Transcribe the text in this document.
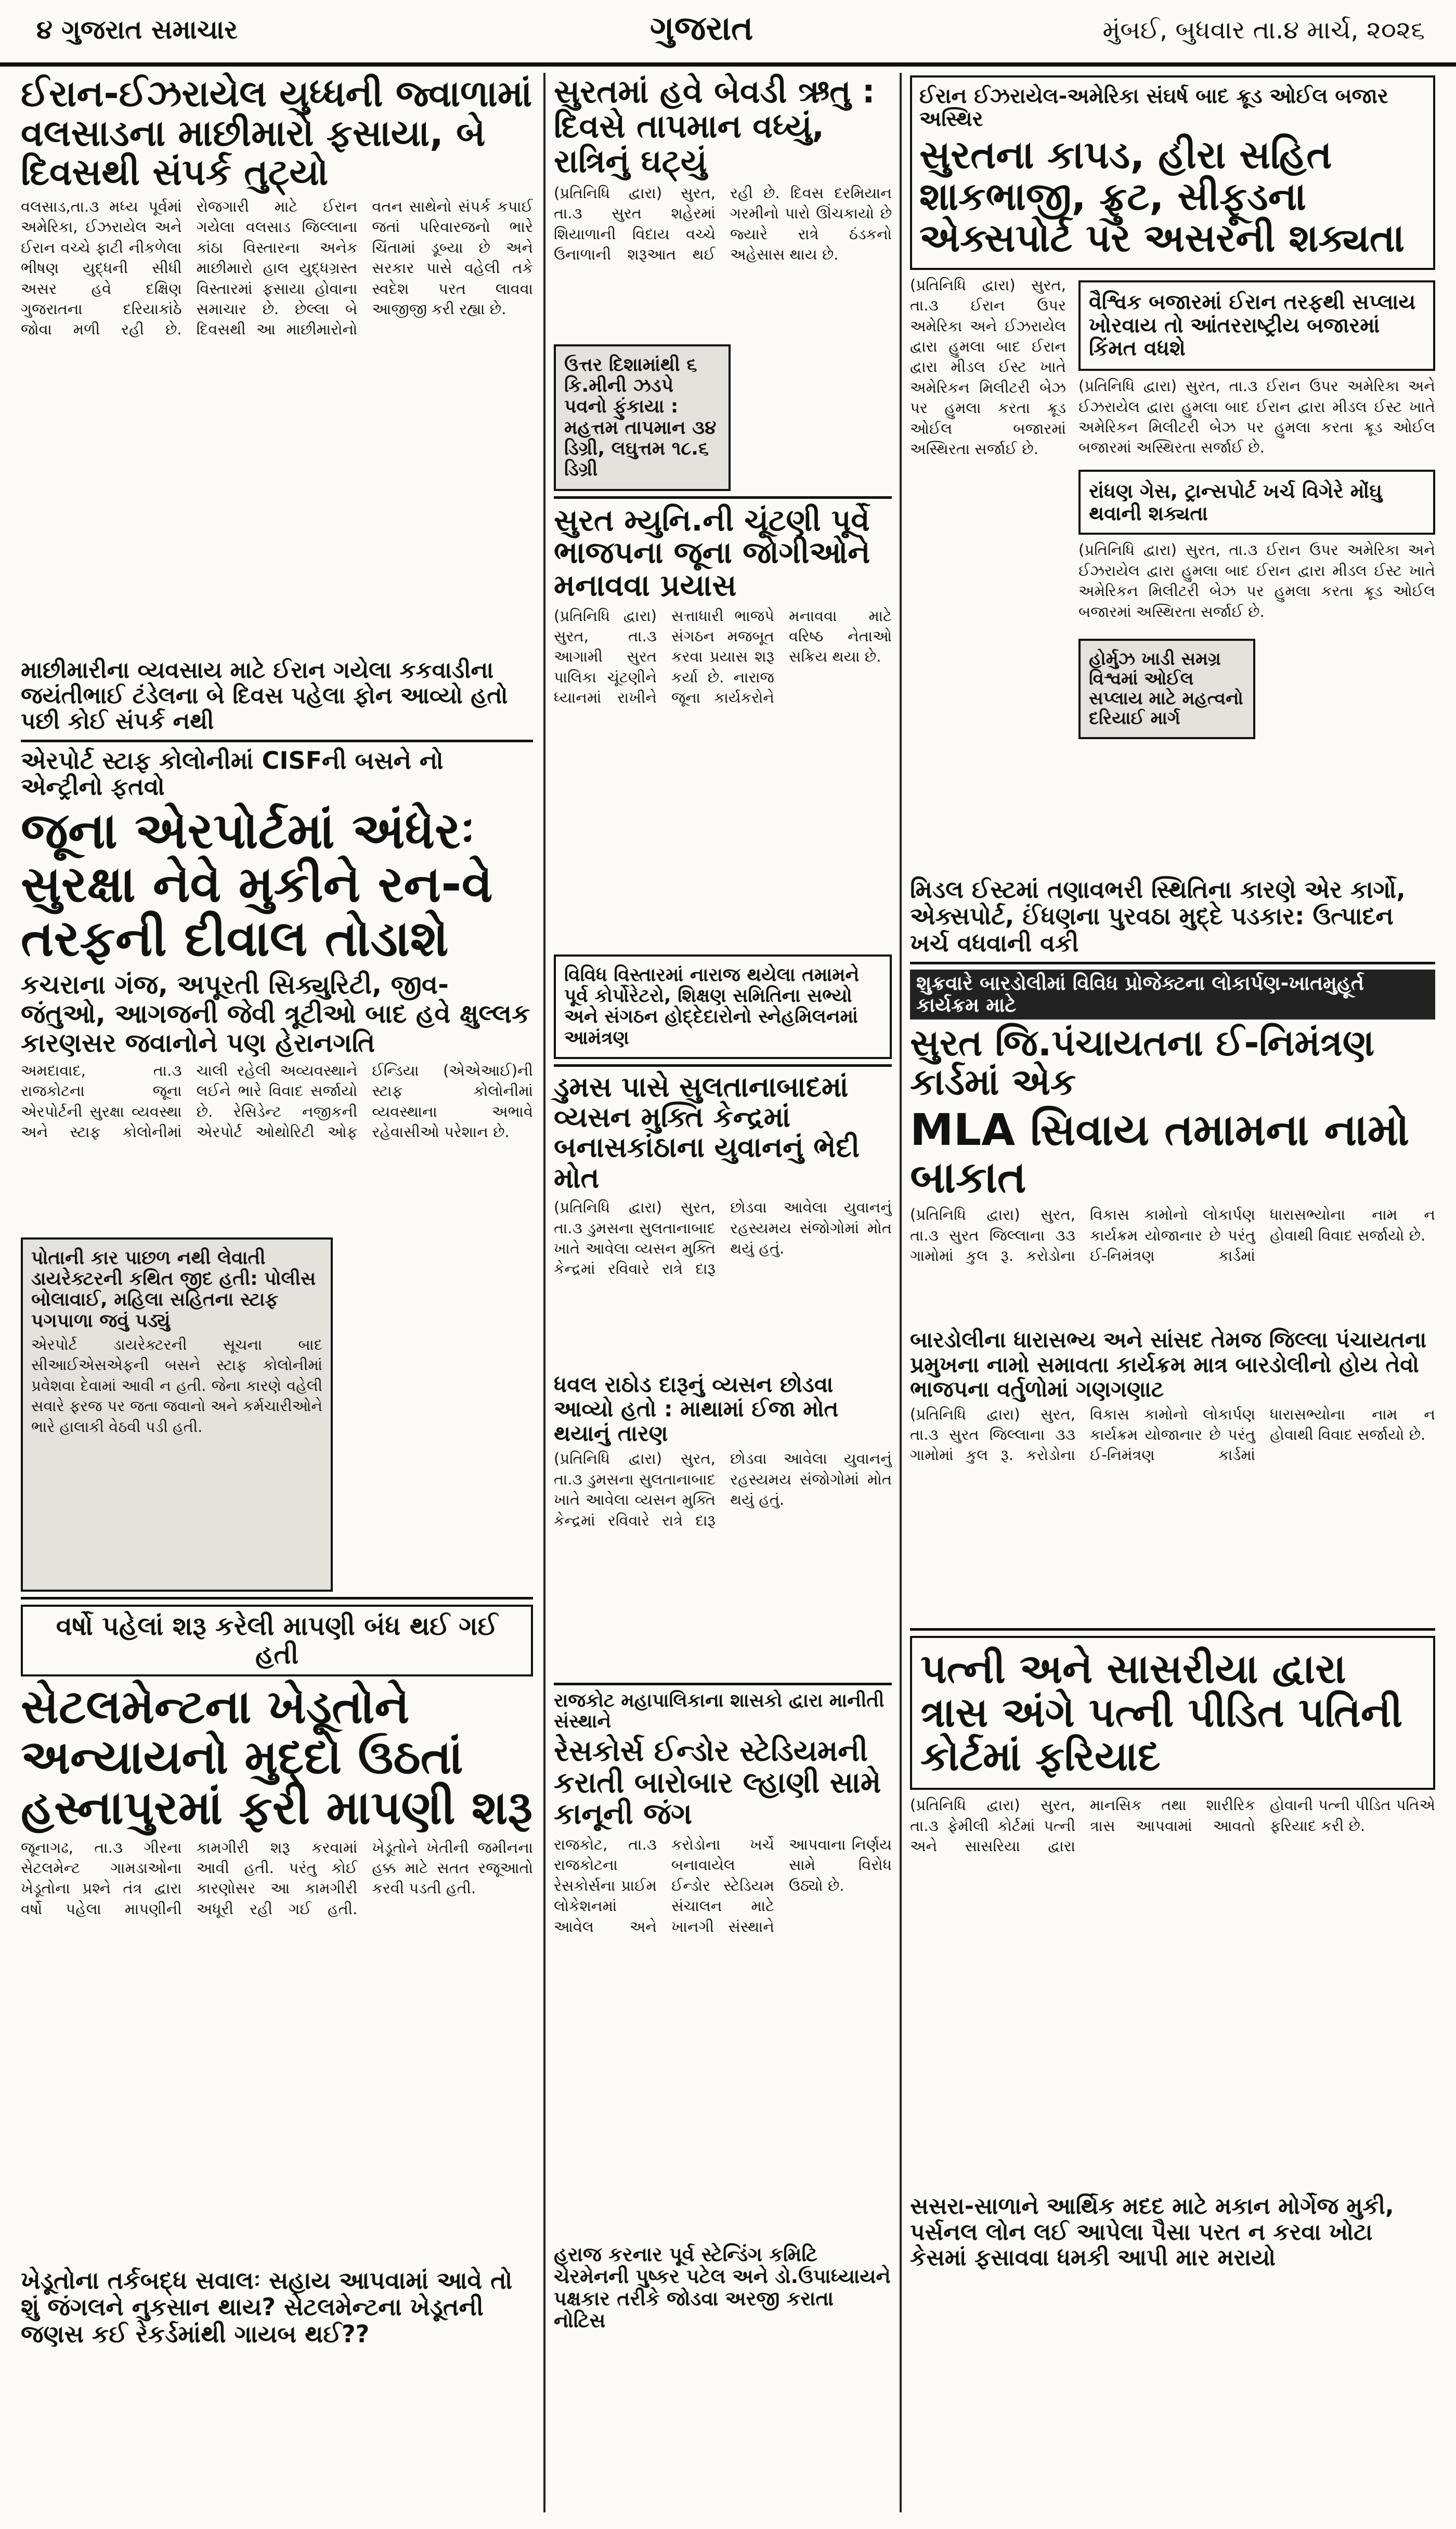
૪ ગુજરાત સમાચાર	ગુજરાત	મુંબઈ, બુધવાર તા.૪ માર્ચ, ૨૦૨૬
ઈરાન-ઈઝરાયેલ યુધ્ધની જ્વાળામાં વલસાડના માછીમારો ફસાયા, બે દિવસથી સંપર્ક તુટ્યો

વલસાડ,તા.૩ મધ્ય પૂર્વમાં અમેરિકા, ઈઝરાયેલ અને ઈરાન વચ્ચે ફાટી નીકળેલા ભીષણ યુદ્ધની સીધી અસર હવે દક્ષિણ ગુજરાતના દરિયાકાંઠે જોવા મળી રહી છે. રોજગારી માટે ઈરાન ગયેલા વલસાડ જિલ્લાના કાંઠા વિસ્તારના અનેક માછીમારો હાલ યુદ્ધગ્રસ્ત વિસ્તારમાં ફસાયા હોવાના સમાચાર છે. છેલ્લા બે દિવસથી આ માછીમારોનો વતન સાથેનો સંપર્ક કપાઈ જતાં પરિવારજનો ભારે ચિંતામાં ડૂબ્યા છે અને સરકાર પાસે વહેલી તકે સ્વદેશ પરત લાવવા આજીજી કરી રહ્યા છે.

માછીમારીના વ્યવસાય માટે ઈરાન ગયેલા કકવાડીના જયંતીભાઈ ટંડેલના બે દિવસ પહેલા ફોન આવ્યો હતો પછી કોઈ સંપર્ક નથી
એરપોર્ટ સ્ટાફ કોલોનીમાં CISFની બસને નો એન્ટ્રીનો ફતવો
જૂના એરપોર્ટમાં અંધેરઃ સુરક્ષા નેવે મુકીને રન-વે તરફની દીવાલ તોડાશે
કચરાના ગંજ, અપૂરતી સિક્યુરિટી, જીવ-જંતુઓ, આગજની જેવી ત્રૂટીઓ બાદ હવે ક્ષુલ્લક કારણસર જવાનોને પણ હેરાનગતિ

અમદાવાદ, તા.૩ રાજકોટના જૂના એરપોર્ટની સુરક્ષા વ્યવસ્થા અને સ્ટાફ કોલોનીમાં ચાલી રહેલી અવ્યવસ્થાને લઈને ભારે વિવાદ સર્જાયો છે. રેસિડેન્ટ નજીકની એરપોર્ટ ઓથોરિટી ઓફ ઈન્ડિયા (એએઆઈ)ની સ્ટાફ કોલોનીમાં વ્યવસ્થાના અભાવે રહેવાસીઓ પરેશાન છે.

પોતાની કાર પાછળ નથી લેવાતી ડાયરેક્ટરની કથિત જીદ હતી: પોલીસ બોલાવાઈ, મહિલા સહિતના સ્ટાફ પગપાળા જવું પડ્યું

એરપોર્ટ ડાયરેક્ટરની સૂચના બાદ સીઆઈએસએફની બસને સ્ટાફ કોલોનીમાં પ્રવેશવા દેવામાં આવી ન હતી. જેના કારણે વહેલી સવારે ફરજ પર જતા જવાનો અને કર્મચારીઓને ભારે હાલાકી વેઠવી પડી હતી.

વર્ષો પહેલાં શરૂ કરેલી માપણી બંધ થઈ ગઈ હતી
સેટલમેન્ટના ખેડૂતોને અન્યાયનો મુદ્દો ઉઠતાં હસ્નાપુરમાં ફરી માપણી શરૂ

જૂનાગઢ, તા.૩ ગીરના સેટલમેન્ટ ગામડાઓના ખેડૂતોના પ્રશ્ને તંત્ર દ્વારા વર્ષો પહેલા માપણીની કામગીરી શરૂ કરવામાં આવી હતી. પરંતુ કોઈ કારણોસર આ કામગીરી અધૂરી રહી ગઈ હતી. ખેડૂતોને ખેતીની જમીનના હક્ક માટે સતત રજૂઆતો કરવી પડતી હતી.

ખેડૂતોના તર્કબદ્ધ સવાલઃ સહાય આપવામાં આવે તો શું જંગલને નુકસાન થાય? સેટલમેન્ટના ખેડૂતની જણસ કઈ રેકર્ડમાંથી ગાયબ થઈ??
સુરતમાં હવે બેવડી ઋતુ : દિવસે તાપમાન વધ્યું, રાત્રિનું ઘટ્યું

(પ્રતિનિધિ દ્વારા) સુરત, તા.૩ સુરત શહેરમાં શિયાળાની વિદાય વચ્ચે ઉનાળાની શરૂઆત થઈ રહી છે. દિવસ દરમિયાન ગરમીનો પારો ઊંચકાયો છે જ્યારે રાત્રે ઠંડકનો અહેસાસ થાય છે.

ઉત્તર દિશામાંથી ૬ કિ.મીની ઝડપે પવનો ફુંકાયા : મહત્તમ તાપમાન ૩૪ ડિગ્રી, લઘુત્તમ ૧૮.૬ ડિગ્રી
સુરત મ્યુનિ.ની ચૂંટણી પૂર્વે ભાજપના જૂના જોગીઓને મનાવવા પ્રયાસ

(પ્રતિનિધિ દ્વારા) સુરત, તા.૩ આગામી સુરત પાલિકા ચૂંટણીને ધ્યાનમાં રાખીને સત્તાધારી ભાજપે સંગઠન મજબૂત કરવા પ્રયાસ શરૂ કર્યા છે. નારાજ જૂના કાર્યકરોને મનાવવા માટે વરિષ્ઠ નેતાઓ સક્રિય થયા છે.

વિવિધ વિસ્તારમાં નારાજ થયેલા તમામને પૂર્વ કોર્પોરેટરો, શિક્ષણ સમિતિના સભ્યો અને સંગઠન હોદ્દેદારોનો સ્નેહમિલનમાં આમંત્રણ
ડુમસ પાસે સુલતાનાબાદમાં વ્યસન મુક્તિ કેન્દ્રમાં બનાસકાંઠાના યુવાનનું ભેદી મોત

(પ્રતિનિધિ દ્વારા) સુરત, તા.૩ ડુમસના સુલતાનાબાદ ખાતે આવેલા વ્યસન મુક્તિ કેન્દ્રમાં રવિવારે રાત્રે દારૂ છોડવા આવેલા યુવાનનું રહસ્યમય સંજોગોમાં મોત થયું હતું.

ધવલ રાઠોડ દારૂનું વ્યસન છોડવા આવ્યો હતો : માથામાં ઈજા મોત થયાનું તારણ

(પ્રતિનિધિ દ્વારા) સુરત, તા.૩ ડુમસના સુલતાનાબાદ ખાતે આવેલા વ્યસન મુક્તિ કેન્દ્રમાં રવિવારે રાત્રે દારૂ છોડવા આવેલા યુવાનનું રહસ્યમય સંજોગોમાં મોત થયું હતું.

રાજકોટ મહાપાલિકાના શાસકો દ્વારા માનીતી સંસ્થાને
રેસકોર્સ ઈન્ડોર સ્ટેડિયમની કરાતી બારોબાર લ્હાણી સામે કાનૂની જંગ

રાજકોટ, તા.૩ રાજકોટના રેસકોર્સના પ્રાઈમ લોકેશનમાં આવેલ અને કરોડોના ખર્ચે બનાવાયેલ ઈન્ડોર સ્ટેડિયમ સંચાલન માટે ખાનગી સંસ્થાને આપવાના નિર્ણય સામે વિરોધ ઉઠ્યો છે.

હરાજ કરનાર પૂર્વ સ્ટેન્ડિંગ કમિટિ ચેરમેનની પુષ્કર પટેલ અને ડો.ઉપાધ્યાયને પક્ષકાર તરીકે જોડવા અરજી કરાતા નોટિસ
ઈરાન ઈઝરાયેલ-અમેરિકા સંઘર્ષ બાદ ક્રૂડ ઓઈલ બજાર અસ્થિર
સુરતના કાપડ, હીરા સહિત શાકભાજી, ફ્રુટ, સીફૂડના એક્સપોર્ટ પર અસરની શક્યતા

(પ્રતિનિધિ દ્વારા) સુરત, તા.૩ ઈરાન ઉપર અમેરિકા અને ઈઝરાયેલ દ્વારા હુમલા બાદ ઈરાન દ્વારા મીડલ ઈસ્ટ ખાતે અમેરિકન મિલીટરી બેઝ પર હુમલા કરતા ક્રૂડ ઓઈલ બજારમાં અસ્થિરતા સર્જાઈ છે.

વૈશ્વિક બજારમાં ઈરાન તરફથી સપ્લાય ખોરવાય તો આંતરરાષ્ટ્રીય બજારમાં કિંમત વધશે

(પ્રતિનિધિ દ્વારા) સુરત, તા.૩ ઈરાન ઉપર અમેરિકા અને ઈઝરાયેલ દ્વારા હુમલા બાદ ઈરાન દ્વારા મીડલ ઈસ્ટ ખાતે અમેરિકન મિલીટરી બેઝ પર હુમલા કરતા ક્રૂડ ઓઈલ બજારમાં અસ્થિરતા સર્જાઈ છે.

રાંધણ ગેસ, ટ્રાન્સપોર્ટ ખર્ચ વિગેરે મોંઘુ થવાની શક્યતા

(પ્રતિનિધિ દ્વારા) સુરત, તા.૩ ઈરાન ઉપર અમેરિકા અને ઈઝરાયેલ દ્વારા હુમલા બાદ ઈરાન દ્વારા મીડલ ઈસ્ટ ખાતે અમેરિકન મિલીટરી બેઝ પર હુમલા કરતા ક્રૂડ ઓઈલ બજારમાં અસ્થિરતા સર્જાઈ છે.

હોર્મુઝ ખાડી સમગ્ર વિશ્વમાં ઓઈલ સપ્લાય માટે મહત્વનો દરિયાઈ માર્ગ
મિડલ ઈસ્ટમાં તણાવભરી સ્થિતિના કારણે એર કાર્ગો, એક્સપોર્ટ, ઈંધણના પુરવઠા મુદ્દે પડકાર: ઉત્પાદન ખર્ચ વધવાની વકી
શુક્રવારે બારડોલીમાં વિવિધ પ્રોજેક્ટના લોકાર્પણ-ખાતમુહૂર્ત કાર્યક્રમ માટે
સુરત જિ.પંચાયતના ઈ-નિમંત્રણ કાર્ડમાં એક
MLA સિવાય તમામના નામો બાકાત

(પ્રતિનિધિ દ્વારા) સુરત, તા.૩ સુરત જિલ્લાના ૩૩ ગામોમાં કુલ રૂ. કરોડોના વિકાસ કામોનો લોકાર્પણ કાર્યક્રમ યોજાનાર છે પરંતુ ઈ-નિમંત્રણ કાર્ડમાં ધારાસભ્યોના નામ ન હોવાથી વિવાદ સર્જાયો છે.

બારડોલીના ધારાસભ્ય અને સાંસદ તેમજ જિલ્લા પંચાયતના પ્રમુખના નામો સમાવતા કાર્યક્રમ માત્ર બારડોલીનો હોય તેવો ભાજપના વર્તુળોમાં ગણગણાટ

(પ્રતિનિધિ દ્વારા) સુરત, તા.૩ સુરત જિલ્લાના ૩૩ ગામોમાં કુલ રૂ. કરોડોના વિકાસ કામોનો લોકાર્પણ કાર્યક્રમ યોજાનાર છે પરંતુ ઈ-નિમંત્રણ કાર્ડમાં ધારાસભ્યોના નામ ન હોવાથી વિવાદ સર્જાયો છે.

પત્ની અને સાસરીયા દ્વારા ત્રાસ અંગે પત્ની પીડિત પતિની કોર્ટમાં ફરિયાદ

(પ્રતિનિધિ દ્વારા) સુરત, તા.૩ ફેમીલી કોર્ટમાં પત્ની અને સાસરિયા દ્વારા માનસિક તથા શારીરિક ત્રાસ આપવામાં આવતો હોવાની પત્ની પીડિત પતિએ ફરિયાદ કરી છે.

સસરા-સાળાને આર્થિક મદદ માટે મકાન મોર્ગેજ મુકી, પર્સનલ લોન લઈ આપેલા પૈસા પરત ન કરવા ખોટા કેસમાં ફસાવવા ધમકી આપી માર મરાયો
